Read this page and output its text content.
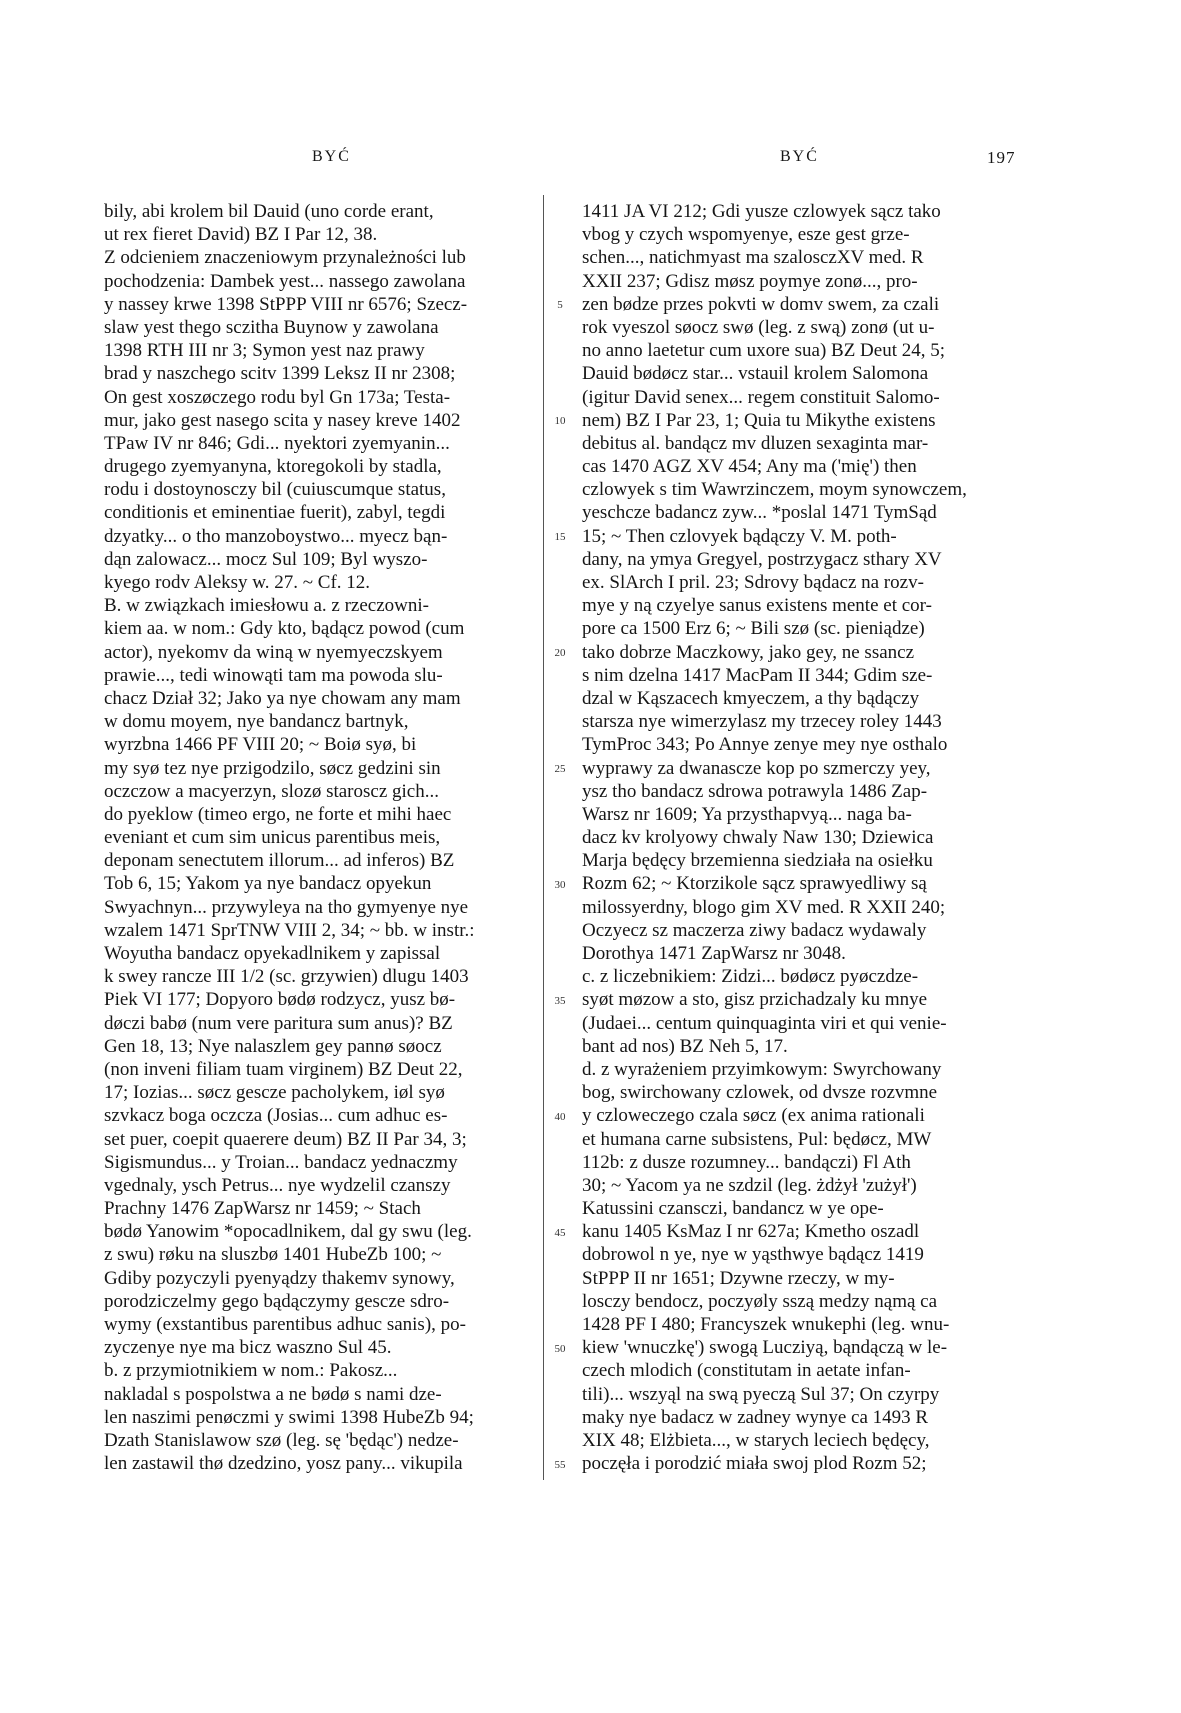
BYĆ	BYĆ	197
bily, abi krolem bil Dauid (uno corde erant,
ut rex fieret David) BZ I Par 12, 38.
Z odcieniem znaczeniowym przynależności lub
pochodzenia: Dambek yest... nassego zawolana
y nassey krwe 1398 StPPP VIII nr 6576; Szecz-
slaw yest thego sczitha Buynow y zawolana
1398 RTH III nr 3; Symon yest naz prawy
brad y naszchego scitv 1399 Leksz II nr 2308;
On gest xoszøczego rodu byl Gn 173a; Testa-
mur, jako gest nasego scita y nasey kreve 1402
TPaw IV nr 846; Gdi... nyektori zyemyanin...
drugego zyemyanyna, ktoregokoli by stadla,
rodu i dostoynosczy bil (cuiuscumque status,
conditionis et eminentiae fuerit), zabyl, tegdi
dzyatky... o tho manzoboystwo... myecz bąn-
dąn zalowacz... mocz Sul 109; Byl wyszo-
kyego rodv Aleksy w. 27. ~ Cf. 12.
B. w związkach imiesłowu a. z rzeczowni-
kiem aa. w nom.: Gdy kto, bądącz powod (cum
actor), nyekomv da winą w nyemyeczskyem
prawie..., tedi winowąti tam ma powoda slu-
chacz Dział 32; Jako ya nye chowam any mam
w domu moyem, nye bandancz bartnyk,
wyrzbna 1466 PF VIII 20; ~ Boiø syø, bi
my syø tez nye przigodzilo, søcz gedzini sin
oczczow a macyerzyn, slozø staroscz gich...
do pyeklow (timeo ergo, ne forte et mihi haec
eveniant et cum sim unicus parentibus meis,
deponam senectutem illorum... ad inferos) BZ
Tob 6, 15; Yakom ya nye bandacz opyekun
Swyachnyn... przywyleya na tho gymyenye nye
wzalem 1471 SprTNW VIII 2, 34; ~ bb. w instr.:
Woyutha bandacz opyekadlnikem y zapissal
k swey rancze III 1/2 (sc. grzywien) dlugu 1403
Piek VI 177; Dopyoro bødø rodzycz, yusz bø-
døczi babø (num vere paritura sum anus)? BZ
Gen 18, 13; Nye nalaszlem gey pannø søocz
(non inveni filiam tuam virginem) BZ Deut 22,
17; Iozias... søcz gescze pacholykem, iøl syø
szvkacz boga oczcza (Josias... cum adhuc es-
set puer, coepit quaerere deum) BZ II Par 34, 3;
Sigismundus... y Troian... bandacz yednaczmy
vgednaly, ysch Petrus... nye wydzelil czanszy
Prachny 1476 ZapWarsz nr 1459; ~ Stach
bødø Yanowim *opocadlnikem, dal gy swu (leg.
z swu) røku na sluszbø 1401 HubeZb 100; ~
Gdiby pozyczyli pyenyądzy thakemv synowy,
porodziczelmy gego bądączymy gescze sdro-
wymy (exstantibus parentibus adhuc sanis), po-
zyczenye nye ma bicz waszno Sul 45.
b. z przymiotnikiem w nom.: Pakosz...
nakladal s pospolstwa a ne bødø s nami dze-
len naszimi penøczmi y swimi 1398 HubeZb 94;
Dzath Stanislawow szø (leg. sę 'będąc') nedze-
len zastawil thø dzedzino, yosz pany... vikupila
5
10
15
20
25
30
35
40
45
50
55
1411 JA VI 212; Gdi yusze czlowyek sącz tako
vbog y czych wspomyenye, esze gest grze-
schen..., natichmyast ma szalosczXV med. R
XXII 237; Gdisz møsz poymye zonø..., pro-
zen bødze przes pokvti w domv swem, za czali
rok vyeszol søocz swø (leg. z swą) zonø (ut u-
no anno laetetur cum uxore sua) BZ Deut 24, 5;
Dauid bødøcz star... vstauil krolem Salomona
(igitur David senex... regem constituit Salomo-
nem) BZ I Par 23, 1; Quia tu Mikythe existens
debitus al. bandącz mv dluzen sexaginta mar-
cas 1470 AGZ XV 454; Any ma ('mię') then
czlowyek s tim Wawrzinczem, moym synowczem,
yeschcze badancz zyw... *poslal 1471 TymSąd
15; ~ Then czlovyek bądączy V. M. poth-
dany, na ymya Gregyel, postrzygacz sthary XV
ex. SlArch I pril. 23; Sdrovy bądacz na rozv-
mye y ną czyelye sanus existens mente et cor-
pore ca 1500 Erz 6; ~ Bili szø (sc. pieniądze)
tako dobrze Maczkowy, jako gey, ne ssancz
s nim dzelna 1417 MacPam II 344; Gdim sze-
dzal w Kąszacech kmyeczem, a thy bądączy
starsza nye wimerzylasz my trzecey roley 1443
TymProc 343; Po Annye zenye mey nye osthalo
wyprawy za dwanascze kop po szmerczy yey,
ysz tho bandacz sdrowa potrawyla 1486 Zap-
Warsz nr 1609; Ya przysthapvyą... naga ba-
dacz kv krolyowy chwaly Naw 130; Dziewica
Marja będęcy brzemienna siedziała na osiełku
Rozm 62; ~ Ktorzikole sącz sprawyedliwy są
milossyerdny, blogo gim XV med. R XXII 240;
Oczyecz sz maczerza ziwy badacz wydawaly
Dorothya 1471 ZapWarsz nr 3048.
c. z liczebnikiem: Zidzi... bødøcz pyøczdze-
syøt møzow a sto, gisz przichadzaly ku mnye
(Judaei... centum quinquaginta viri et qui venie-
bant ad nos) BZ Neh 5, 17.
d. z wyrażeniem przyimkowym: Swyrchowany
bog, swirchowany czlowek, od dvsze rozvmne
y czloweczego czala søcz (ex anima rationali
et humana carne subsistens, Pul: będøcz, MW
112b: z dusze rozumney... bandączi) Fl Ath
30; ~ Yacom ya ne szdzil (leg. żdżył 'zużył')
Katussini czansczi, bandancz w ye ope-
kanu 1405 KsMaz I nr 627a; Kmetho oszadl
dobrowol n ye, nye w yąsthwye bądącz 1419
StPPP II nr 1651; Dzywne rzeczy, w my-
losczy bendocz, poczyøly sszą medzy nąmą ca
1428 PF I 480; Francyszek wnukephi (leg. wnu-
kiew 'wnuczkę') swogą Lucziyą, bąndączą w le-
czech mlodich (constitutam in aetate infan-
tili)... wszyąl na swą pyeczą Sul 37; On czyrpy
maky nye badacz w zadney wynye ca 1493 R
XIX 48; Elżbieta..., w starych leciech będęcy,
poczęła i porodzić miała swoj plod Rozm 52;
